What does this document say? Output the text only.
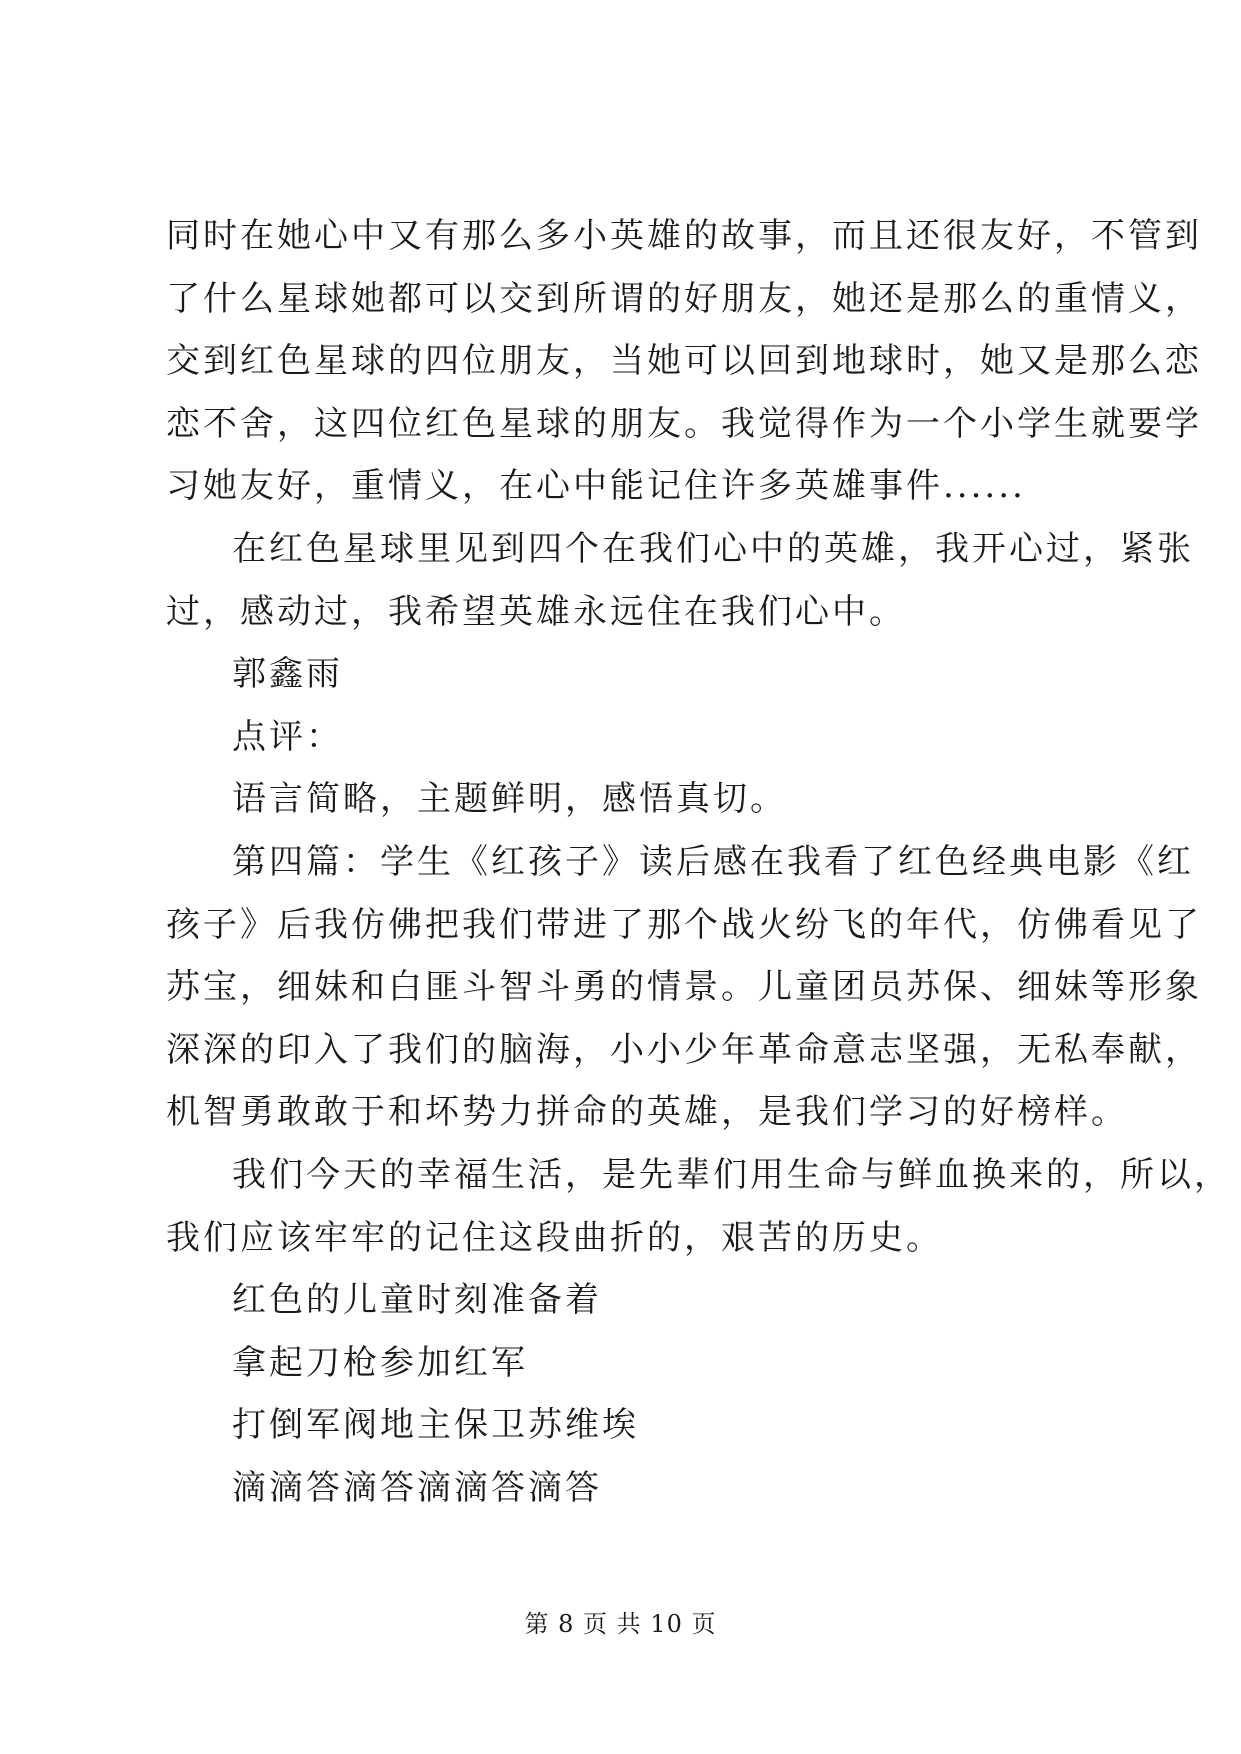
同时在她心中又有那么多小英雄的故事，而且还很友好，不管到
了什么星球她都可以交到所谓的好朋友，她还是那么的重情义，
交到红色星球的四位朋友，当她可以回到地球时，她又是那么恋
恋不舍，这四位红色星球的朋友。我觉得作为一个小学生就要学
习她友好，重情义，在心中能记住许多英雄事件......
在红色星球里见到四个在我们心中的英雄，我开心过，紧张
过，感动过，我希望英雄永远住在我们心中。
郭鑫雨
点评：
语言简略，主题鲜明，感悟真切。
第四篇：学生《红孩子》读后感在我看了红色经典电影《红
孩子》后我仿佛把我们带进了那个战火纷飞的年代，仿佛看见了
苏宝，细妹和白匪斗智斗勇的情景。儿童团员苏保、细妹等形象
深深的印入了我们的脑海，小小少年革命意志坚强，无私奉献，
机智勇敢敢于和坏势力拼命的英雄，是我们学习的好榜样。
我们今天的幸福生活，是先辈们用生命与鲜血换来的，所以，
我们应该牢牢的记住这段曲折的，艰苦的历史。
红色的儿童时刻准备着
拿起刀枪参加红军
打倒军阀地主保卫苏维埃
滴滴答滴答滴滴答滴答
第 8 页 共 10 页
